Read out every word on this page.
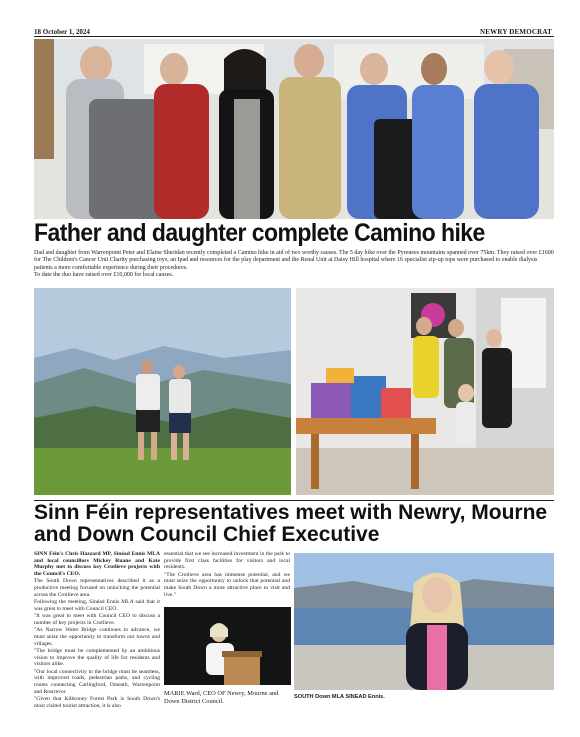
18 October 1, 2024	NEWRY DEMOCRAT
Father and daughter complete Camino hike

Dad and daughter from Warrenpoint Peter and Elaine Sheridan recently completed a Camino hike in aid of two worthy causes. The 5 day hike over the Pyrenees mountains spanned over 75km. They raised over £1600 for The Children's Cancer Unit Charity purchasing toys; an Ipad and resources for the play department and the Renal Unit at Daisy Hill hospital where 16 specialist zip-up tops were purchased to enable dialysis patients a more comfortable experience during their procedures.

To date the duo have raised over £10,000 for local causes.

Sinn Féin representatives meet with Newry, Mourne and Down Council Chief Executive

SINN Féin's Chris Hazzard MP, Sinéad Ennis MLA and local councillors Mickey Ruane and Kate Murphy met to discuss key Crotlieve projects with the Council's CEO.

The South Down representatives described it as a productive meeting focused on unlocking the potential across the Crotlieve area.

Following the meeting, Sinéad Ennis MLA said that it was great to meet with Council CEO.

"It was great to meet with Council CEO to discuss a number of key projects in Crotlieve.

"As Narrow Water Bridge continues to advance, we must seize the opportunity to transform our towns and villages.

"The bridge must be complemented by an ambitious vision to improve the quality of life for residents and visitors alike.

"Our local connectivity to the bridge must be seamless, with improved roads, pedestrian paths, and cycling routes connecting Carlingford, Omeath, Warrenpoint and Rostrevor.

"Given that Kilbroney Forest Park is South Down's most visited tourist attraction, it is also

essential that we see increased investment in the park to provide first class facilities for visitors and local residents.

"The Crotlieve area has immense potential, and we must seize the opportunity to unlock that potential and make South Down a more attractive place to visit and live."

MARIE Ward, CEO OF Newry, Mourne and Down District Council.
SOUTH Down MLA SINEAD Ennis.
